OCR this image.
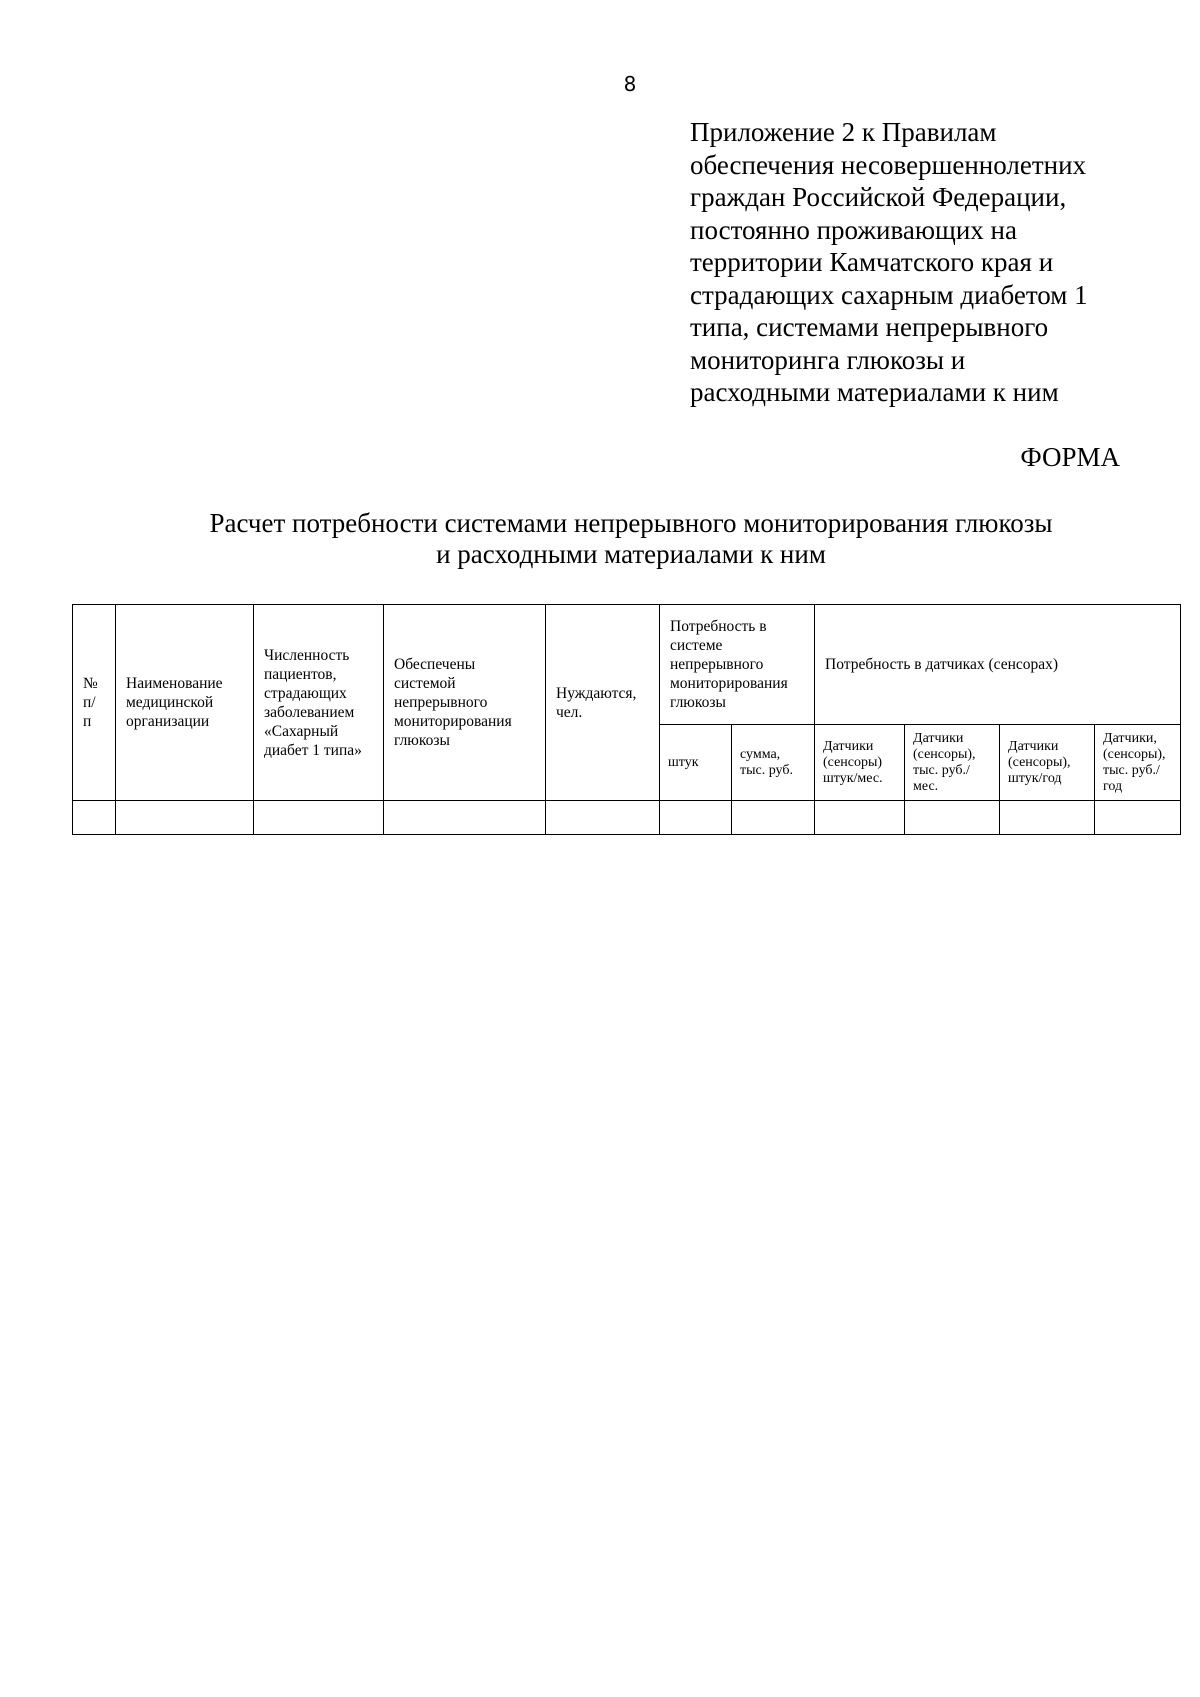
8
Приложение 2 к Правилам
обеспечения несовершеннолетних
граждан Российской Федерации,
постоянно проживающих на
территории Камчатского края и
страдающих сахарным диабетом 1
типа, системами непрерывного
мониторинга глюкозы и
расходными материалами к ним
ФОРМА
Расчет потребности системами непрерывного мониторирования глюкозы
и расходными материалами к ним
№ п/ п	Наименование медицинской организации	Численность пациентов, страдающих заболеванием «Сахарный диабет 1 типа»	Обеспечены системой непрерывного мониторирования глюкозы	Нуждаются, чел.	Потребность в системе непрерывного мониторирования глюкозы		Потребность в датчиках (сенсорах)			
					штук	сумма, тыс. руб.	Датчики (сенсоры) штук/мес.	Датчики (сенсоры), тыс. руб./ мес.	Датчики (сенсоры), штук/год	Датчики, (сенсоры), тыс. руб./ год
